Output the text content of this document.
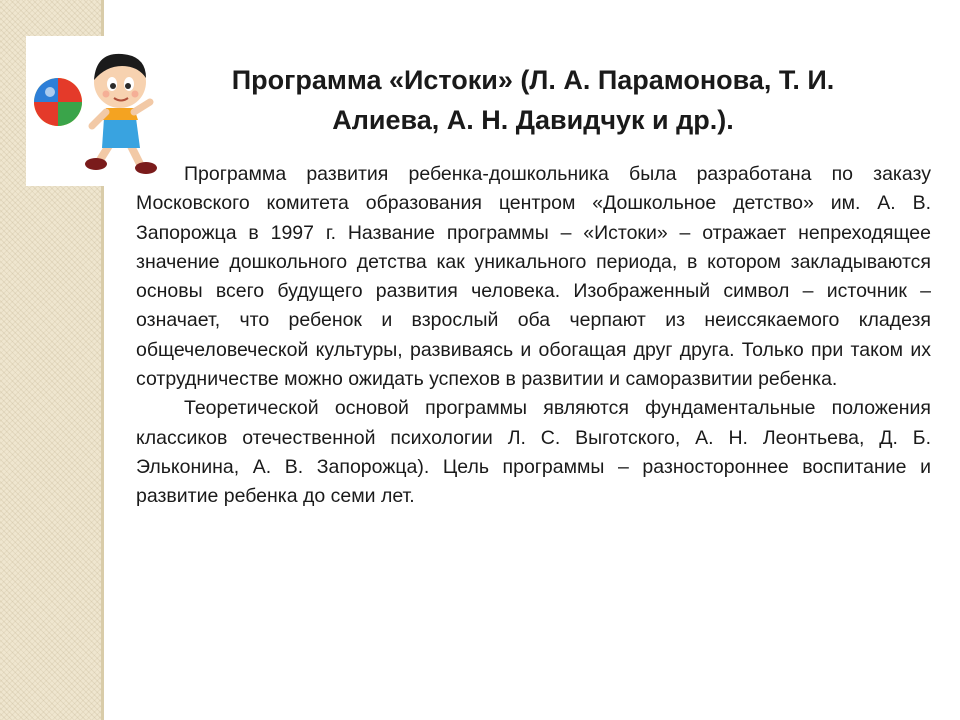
Программа «Истоки» (Л. А. Парамонова, Т. И. Алиева, А. Н. Давидчук и др.).

Программа развития ребенка-дошкольника была разработана по заказу Московского комитета образования центром «Дошкольное детство» им. А. В. Запорожца в 1997 г. Название программы – «Истоки» – отражает непреходящее значение дошкольного детства как уникального периода, в котором закладываются основы всего будущего развития человека. Изображенный символ – источник – означает, что ребенок и взрослый оба черпают из неиссякаемого кладезя общечеловеческой культуры, развиваясь и обогащая друг друга. Только при таком их сотрудничестве можно ожидать успехов в развитии и саморазвитии ребенка.

Теоретической основой программы являются фундаментальные положения классиков отечественной психологии Л. С. Выготского, А. Н. Леонтьева, Д. Б. Эльконина, А. В. Запорожца). Цель программы – разностороннее воспитание и развитие ребенка до семи лет.
